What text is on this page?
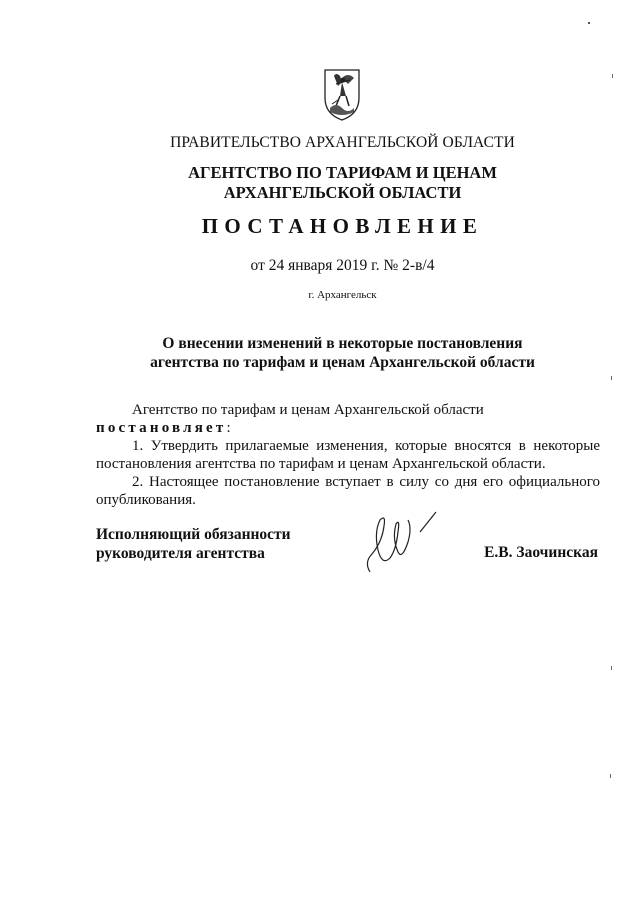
ПРАВИТЕЛЬСТВО АРХАНГЕЛЬСКОЙ ОБЛАСТИ
АГЕНТСТВО ПО ТАРИФАМ И ЦЕНАМ
АРХАНГЕЛЬСКОЙ ОБЛАСТИ
ПОСТАНОВЛЕНИЕ
от 24 января 2019 г. № 2-в/4
г. Архангельск
О внесении изменений в некоторые постановления
агентства по тарифам и ценам Архангельской области

Агентство по тарифам и ценам Архангельской области постановляет:

1. Утвердить прилагаемые изменения, которые вносятся в некоторые постановления агентства по тарифам и ценам Архангельской области.

2. Настоящее постановление вступает в силу со дня его официального опубликования.

Исполняющий обязанности
руководителя агентства	Е.В. Заочинская
